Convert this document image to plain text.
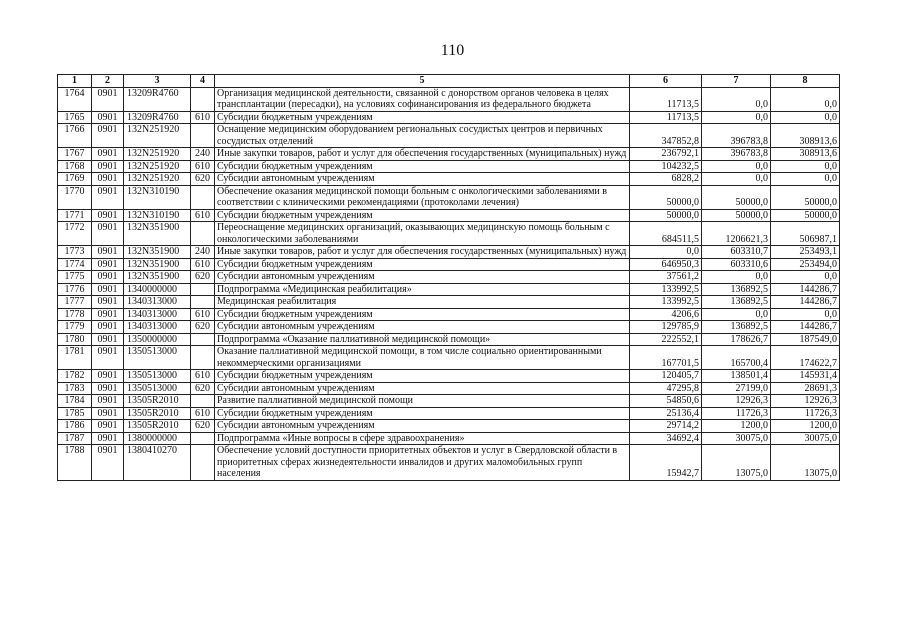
110
1	2	3	4	5	6	7	8
1764	0901	13209R4760		Организация медицинской деятельности, связанной с донорством органов человека в целях трансплантации (пересадки), на условиях софинансирования из федерального бюджета	11713,5	0,0	0,0
1765	0901	13209R4760	610	Субсидии бюджетным учреждениям	11713,5	0,0	0,0
1766	0901	132N251920		Оснащение медицинским оборудованием региональных сосудистых центров и первичных сосудистых отделений	347852,8	396783,8	308913,6
1767	0901	132N251920	240	Иные закупки товаров, работ и услуг для обеспечения государственных (муниципальных) нужд	236792,1	396783,8	308913,6
1768	0901	132N251920	610	Субсидии бюджетным учреждениям	104232,5	0,0	0,0
1769	0901	132N251920	620	Субсидии автономным учреждениям	6828,2	0,0	0,0
1770	0901	132N310190		Обеспечение оказания медицинской помощи больным с онкологическими заболеваниями в соответствии с клиническими рекомендациями (протоколами лечения)	50000,0	50000,0	50000,0
1771	0901	132N310190	610	Субсидии бюджетным учреждениям	50000,0	50000,0	50000,0
1772	0901	132N351900		Переоснащение медицинских организаций, оказывающих медицинскую помощь больным с онкологическими заболеваниями	684511,5	1206621,3	506987,1
1773	0901	132N351900	240	Иные закупки товаров, работ и услуг для обеспечения государственных (муниципальных) нужд	0,0	603310,7	253493,1
1774	0901	132N351900	610	Субсидии бюджетным учреждениям	646950,3	603310,6	253494,0
1775	0901	132N351900	620	Субсидии автономным учреждениям	37561,2	0,0	0,0
1776	0901	1340000000		Подпрограмма «Медицинская реабилитация»	133992,5	136892,5	144286,7
1777	0901	1340313000		Медицинская реабилитация	133992,5	136892,5	144286,7
1778	0901	1340313000	610	Субсидии бюджетным учреждениям	4206,6	0,0	0,0
1779	0901	1340313000	620	Субсидии автономным учреждениям	129785,9	136892,5	144286,7
1780	0901	1350000000		Подпрограмма «Оказание паллиативной медицинской помощи»	222552,1	178626,7	187549,0
1781	0901	1350513000		Оказание паллиативной медицинской помощи, в том числе социально ориентированными некоммерческими организациями	167701,5	165700,4	174622,7
1782	0901	1350513000	610	Субсидии бюджетным учреждениям	120405,7	138501,4	145931,4
1783	0901	1350513000	620	Субсидии автономным учреждениям	47295,8	27199,0	28691,3
1784	0901	13505R2010		Развитие паллиативной медицинской помощи	54850,6	12926,3	12926,3
1785	0901	13505R2010	610	Субсидии бюджетным учреждениям	25136,4	11726,3	11726,3
1786	0901	13505R2010	620	Субсидии автономным учреждениям	29714,2	1200,0	1200,0
1787	0901	1380000000		Подпрограмма «Иные вопросы в сфере здравоохранения»	34692,4	30075,0	30075,0
1788	0901	1380410270		Обеспечение условий доступности приоритетных объектов и услуг в Свердловской области в приоритетных сферах жизнедеятельности инвалидов и других маломобильных групп населения	15942,7	13075,0	13075,0
